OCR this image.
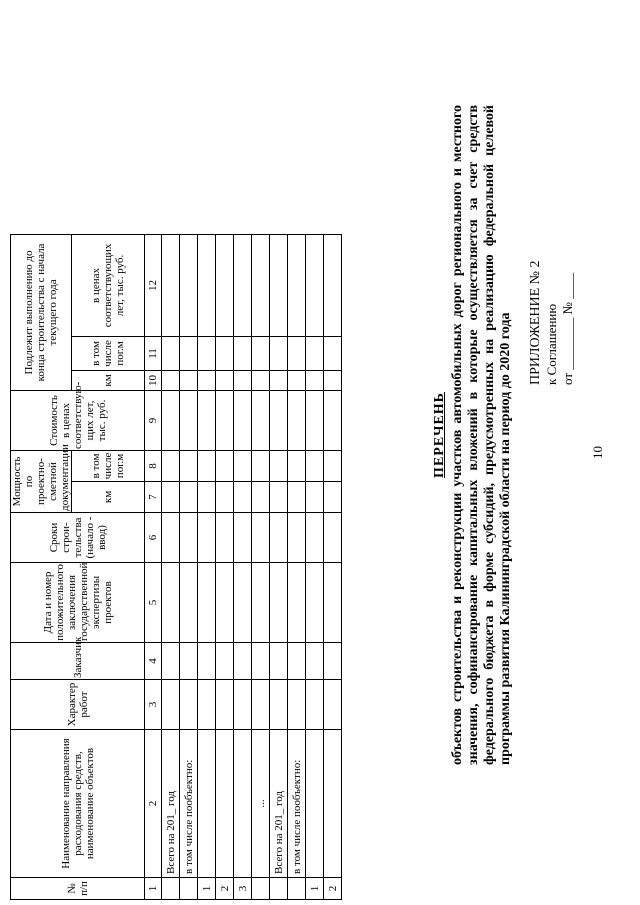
10
ПРИЛОЖЕНИЕ № 2 к Соглашению от ________ № ____
ПЕРЕЧЕНЬ объектов строительства и реконструкции участков автомобильных дорог регионального и местного значения, софинансирование капитальных вложений в которые осуществляется за счет средств федерального бюджета в форме субсидий, предусмотренных на реализацию федеральной целевой программы развития Калининградской области на период до 2020 года
№ п/п	Наименование направления расходования средств, наименование объектов	Характер работ	Заказчик	Дата и номер положительного заключения государственной экспертизы проектов	Сроки строи- тельства (начало - ввод)	Мощность по проектно- сметной документации		Стоимость в ценах соответствую- щих лет, тыс. руб.	Подлежит выполнению до конца строительства с начала текущего года		
						км	в том числе пог.м		км	в том числе пог.м	в ценах соответствующих лет, тыс. руб.
1	2	3	4	5	6	7	8	9	10	11	12
	Всего на 201_ год										
	в том числе пообъектно:										
1											
2											
3											
	...										
	Всего на 201_ год										
	в том числе пообъектно:										
1											
2											
